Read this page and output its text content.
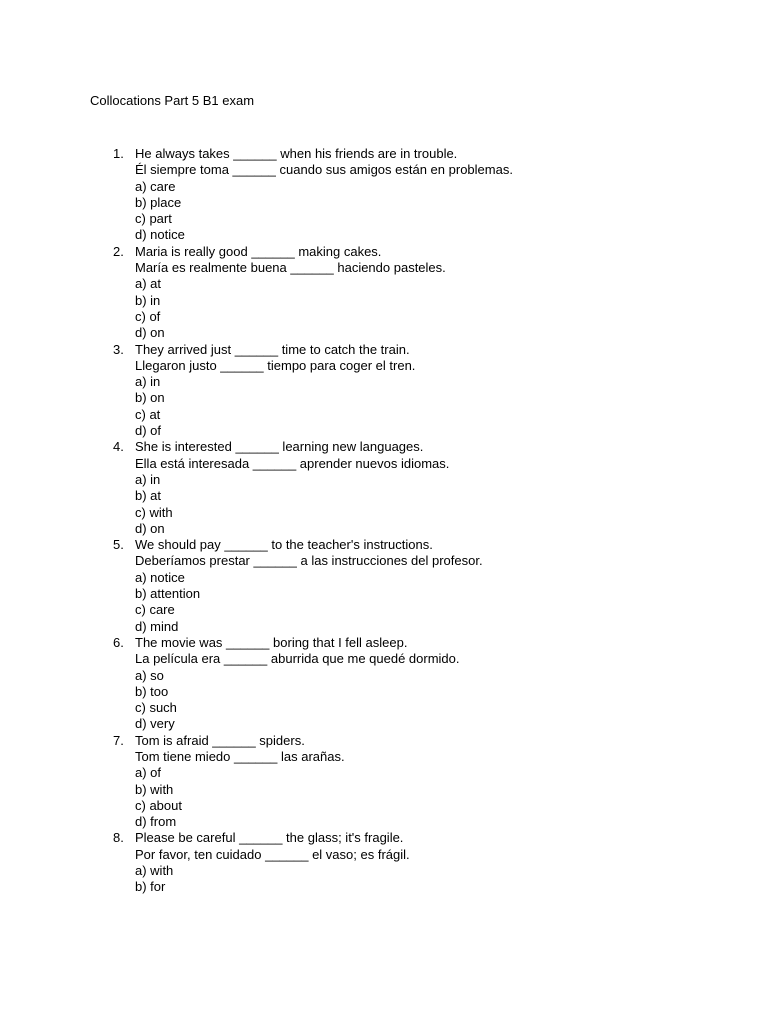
Collocations Part 5 B1 exam
1. He always takes ______ when his friends are in trouble.
Él siempre toma ______ cuando sus amigos están en problemas.
a) care
b) place
c) part
d) notice
2. Maria is really good ______ making cakes.
María es realmente buena ______ haciendo pasteles.
a) at
b) in
c) of
d) on
3. They arrived just ______ time to catch the train.
Llegaron justo ______ tiempo para coger el tren.
a) in
b) on
c) at
d) of
4. She is interested ______ learning new languages.
Ella está interesada ______ aprender nuevos idiomas.
a) in
b) at
c) with
d) on
5. We should pay ______ to the teacher's instructions.
Deberíamos prestar ______ a las instrucciones del profesor.
a) notice
b) attention
c) care
d) mind
6. The movie was ______ boring that I fell asleep.
La película era ______ aburrida que me quedé dormido.
a) so
b) too
c) such
d) very
7. Tom is afraid ______ spiders.
Tom tiene miedo ______ las arañas.
a) of
b) with
c) about
d) from
8. Please be careful ______ the glass; it's fragile.
Por favor, ten cuidado ______ el vaso; es frágil.
a) with
b) for
